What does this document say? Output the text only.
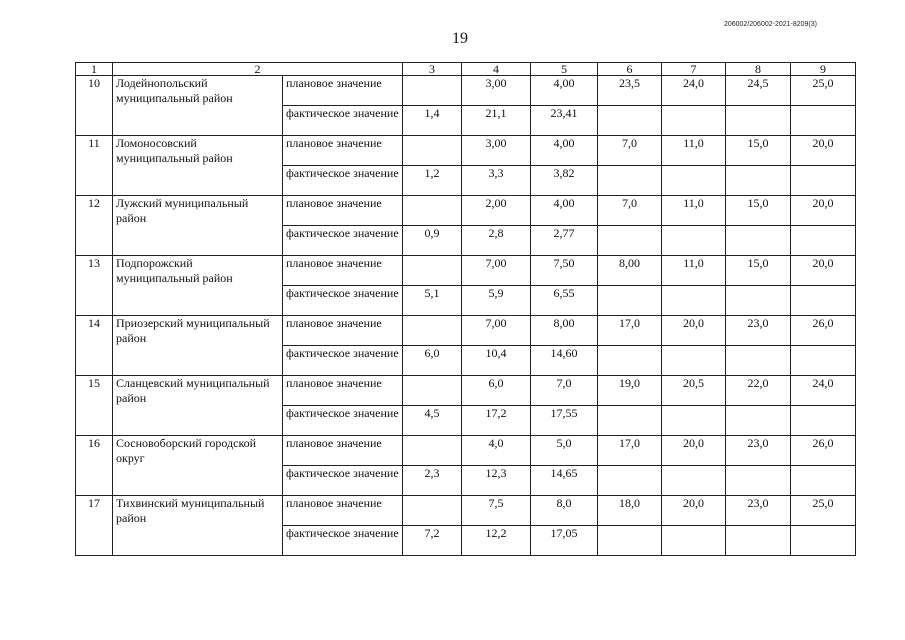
19
206002/206002-2021-8209(3)
1	2		3	4	5	6	7	8	9
10	Лодейнопольский муниципальный район	плановое значение		3,00	4,00	23,5	24,0	24,5	25,0
		фактическое значение	1,4	21,1	23,41				
11	Ломоносовский муниципальный район	плановое значение		3,00	4,00	7,0	11,0	15,0	20,0
		фактическое значение	1,2	3,3	3,82				
12	Лужский муниципальный район	плановое значение		2,00	4,00	7,0	11,0	15,0	20,0
		фактическое значение	0,9	2,8	2,77				
13	Подпорожский муниципальный район	плановое значение		7,00	7,50	8,00	11,0	15,0	20,0
		фактическое значение	5,1	5,9	6,55				
14	Приозерский муниципальный район	плановое значение		7,00	8,00	17,0	20,0	23,0	26,0
		фактическое значение	6,0	10,4	14,60				
15	Сланцевский муниципальный район	плановое значение		6,0	7,0	19,0	20,5	22,0	24,0
		фактическое значение	4,5	17,2	17,55				
16	Сосновоборский городской округ	плановое значение		4,0	5,0	17,0	20,0	23,0	26,0
		фактическое значение	2,3	12,3	14,65				
17	Тихвинский муниципальный район	плановое значение		7,5	8,0	18,0	20,0	23,0	25,0
		фактическое значение	7,2	12,2	17,05				
